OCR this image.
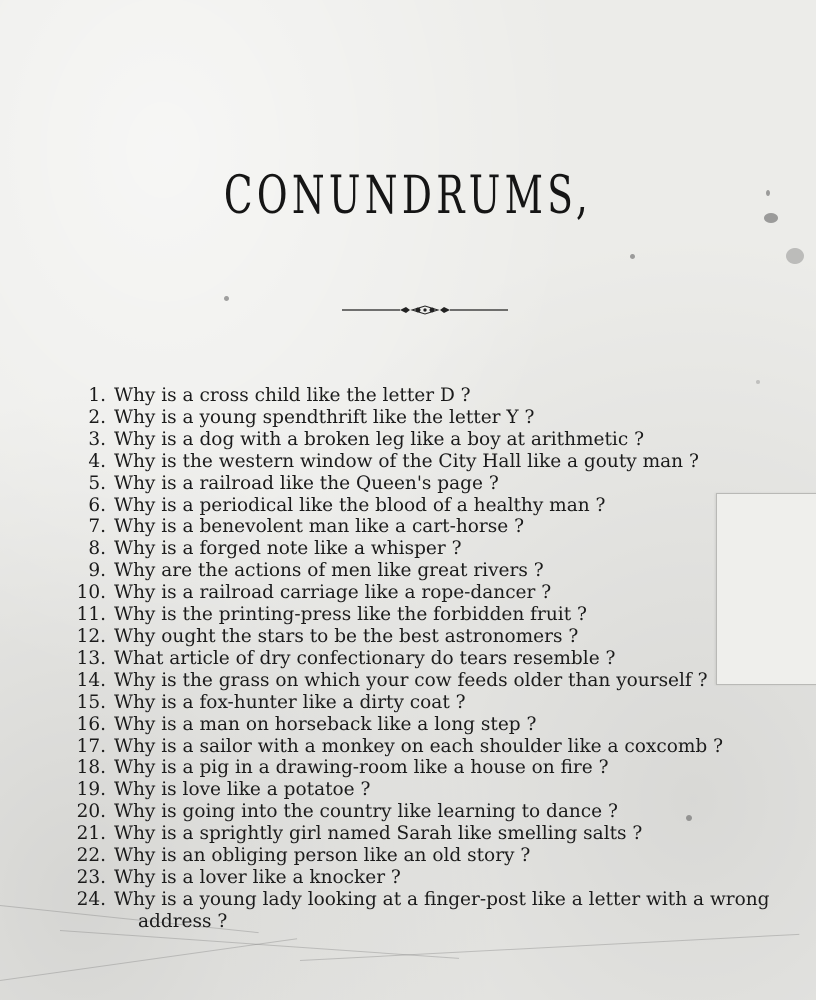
CONUNDRUMS,
1. Why is a cross child like the letter D ?
2. Why is a young spendthrift like the letter Y ?
3. Why is a dog with a broken leg like a boy at arithmetic ?
4. Why is the western window of the City Hall like a gouty man ?
5. Why is a railroad like the Queen's page ?
6. Why is a periodical like the blood of a healthy man ?
7. Why is a benevolent man like a cart-horse ?
8. Why is a forged note like a whisper ?
9. Why are the actions of men like great rivers ?
10. Why is a railroad carriage like a rope-dancer ?
11. Why is the printing-press like the forbidden fruit ?
12. Why ought the stars to be the best astronomers ?
13. What article of dry confectionary do tears resemble ?
14. Why is the grass on which your cow feeds older than yourself ?
15. Why is a fox-hunter like a dirty coat ?
16. Why is a man on horseback like a long step ?
17. Why is a sailor with a monkey on each shoulder like a coxcomb ?
18. Why is a pig in a drawing-room like a house on fire ?
19. Why is love like a potatoe ?
20. Why is going into the country like learning to dance ?
21. Why is a sprightly girl named Sarah like smelling salts ?
22. Why is an obliging person like an old story ?
23. Why is a lover like a knocker ?
24. Why is a young lady looking at a finger-post like a letter with a wrong
address ?
